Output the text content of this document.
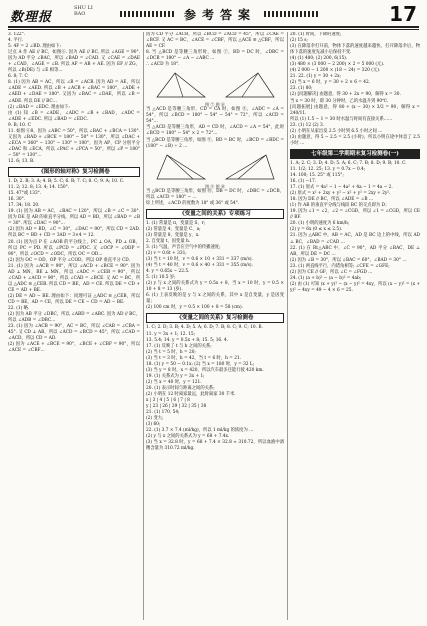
数理报
SHU LI BAO	参考答案	17

3. 122°.

4. 平行.

5. 4F = 2 ∠BD. 理由如下:

过点 A 作 AE // BC，如图⑥. 因为 AE // BC, 所以 ∠AGE = 90°. 因为 AD 平分 ∠BAC，所以 ∠BAD = ∠CAD. 又 ∠CAE = ∠DAE + ∠CAD，∠AGE = ∠B. 所以 AF = AB + AE. 因为 EF // ZG，所以 ∠B(DE) 与 ∠E 相等…

6. 8; 7. C

8. (1) 因为 AB = AC，所以 ∠B = ∠ACB. 因为 AD = AE，所以 ∠ADE = ∠AED. 所以 ∠B + ∠ACB + ∠BAC = 180°，∠ADE + ∠AED + ∠DAE = 180°. 又因为 ∠BAC = ∠DAE，所以 ∠B = ∠ADE. 所以 DE // BC…

(2) ∠BAD = ∠EDC. 理由如下:

由 (1) 知 ∠B = ∠ADE，∠ADC = ∠B + ∠BAD，∠ADC = ∠ADE + ∠EDC. 所以 ∠BAD = ∠EDC.

9. B; 10. C

11. 如图 ⑥8，因为 ∠ABC = 50°，所以 ∠BAC + ∠BCA = 130°. 又因为 ∠BAD + ∠BCE = 180° − 50° = 130°，所以 ∠DAC + ∠ECA = 360° − 130° − 130° = 100°，因为 AP、CP 分别平分 ∠DAC 和 ∠ECA，所以 ∠PAC + ∠PCA = 50°，所以 ∠P = 180° − 50° = 130°…

12. 6; 13. B.

《图形的轴对称》复习检测卷

1. D; 2. B; 3. A; 4. B; 5. C; 6. B; 7. C; 8. C; 9. A; 10. C.

11. 2; 12. 8; 13. 4; 14. 150°.

15. 47°或 133°.

16. 30°.

17. 34; 18. 20.

19. (1) 因为 AB = AC，∠BAC = 120°，所以 ∠B = ∠C = 30°. 因为 DE 是 AB 的垂直平分线，所以 AD = BD，所以 ∠BAD = ∠B = 30°. 所以 ∠DAC = 90°…

(2) 因为 AD = BD，∠C = 30°，∠DAC = 90°，所以 CD = 2AD. 所以 BC = BD + CD = 3AD = 3×4 = 12.

20. (1) 因为点 P 在 ∠AOB 的平分线上，PC ⊥ OA，PD ⊥ OB，所以 PC = PD. 所以 ∠PCD = ∠PDC. 又 ∠OCP = ∠ODP = 90°，所以 ∠OCD = ∠ODC，所以 OC = OD…

(2) 因为 OC = OD，OP 平分 ∠COD，所以 OP 垂直平分 CD.

21. (1) 因为 ∠ACB = 90°，所以 ∠ACD + ∠BCE = 90°. 因为 AD ⊥ MN，BE ⊥ MN，所以 ∠ADC = ∠CEB = 90°，所以 ∠CAD + ∠ACD = 90°，所以 ∠CAD = ∠BCE. 又 AC = BC，所以 △ADC ≌ △CEB. 所以 CD = BE，AD = CE. 所以 DE = CD + CE = AD + BE.

(2) DE = AD − BE. 理由如下：同理可证 △ADC ≌ △CEB，所以 CD = BE，AD = CE，所以 DE = CE − CD = AD − BE.

22. (1) 略.

(2) 因为 AB 平分 ∠DBC，所以 ∠ABD = ∠ABC. 因为 AD // BC，所以 ∠ADB = ∠DBC…

23. (1) 因为 ∠ACB = 90°，AC = BC，所以 ∠CAB = ∠CBA = 45°. 又 CD ⊥ AB，所以 ∠ACD = ∠BCD = 45°，所以 ∠CAD = ∠ACD，所以 CD = AD.

(2) 因为 ∠ACE + ∠BCE = 90°，∠BCE + ∠CBF = 90°，所以 ∠ACE = ∠CBF…

因为 CD 平分 ∠ACB，所以 ∠BCD = ∠ACD = 45°，所以 ∠CAE = ∠BCF. 又 AC = BC，∠ACE = ∠CBF，所以 △ACE ≌ △CBF，所以 AE = CF.

8. 当 △BCD 是等腰三角形时，如图 ⑦，BD = DC 时，∠DBC = ∠DCB = 180° − ∠A − ∠ABC …

∴ ∠ACD 为 18°.

图 ⑦ 图 ⑧

当 △ACD 是等腰三角形，CD = CA 时，如图 ⑧，∠ADC = ∠A = 54°，所以 ∠BCD = 180° − 54° − 54° = 72°，所以 ∠ACD = 54°…

当 △ACD 是等腰三角形，AD = CD 时，∠ACD = ∠A = 54°，此时 ∠BCD = 180° − 54° × 2 = 72°…

当 △BCD 是等腰三角形，如图 ⑨，BD = BC 时，∠BCD = ∠BDC = (180° − ∠B) ÷ 2 …

图 ⑨ 图 ⑩

当 △BCD 是等腰三角形，如图 ⑩，DB = DC 时，∠DBC = ∠DCB，所以 ∠ACD = 180° − …

综上所述，∠ACD 的度数为 18° 或 36° 或 54°.

《变量之间的关系》专项练习

1. (1) 常量是 π，变量是 S、r;

(2) 常量是 4，变量是 C、a;

(3) 常量是 8，变量是 y、x.

2. 自变量 t，因变量 h.

3. (1) 气温，声音在空气中的传播速度;

(2) v = 0.6t + 331;

(3) 当 t = 10 时，v = 0.6 × 10 + 331 = 337 (m/s).

(4) 当 t = 40 时，v = 0.6 × 40 + 331 = 355 (m/s).

4. y = 0.65x − 22.5.

5. (1) 10.5 岁;

(2) y 与 x 之间的关系式为 y = 0.5x + 8，当 x = 10 时，y = 0.5 × 10 + 8 = 13 (岁).

6. (1) 上表反映的是 y 与 x 之间的关系，其中 x 是自变量，y 是因变量；

(2) 100 cm 时，y = 0.5 × 100 + 8 = 58 (cm).

《变量之间的关系》复习检测卷

1. C; 2. D; 3. B; 4. D; 5. A; 6. D; 7. B; 8. C; 9. C; 10. B.

11. y = 3x + 1; 12. 15;

13. 5.4; 14. y = 0.5x + 8; 15. 5; 16. 4.

17. (1) 反映了 t 与 h 之间的关系;

(2) 当 t = 5 时，h = 20;

(3) 当 t = 3 时，h = 42，当 t = 6 时，h = 21.

18. (1) y = 50 − 0.1x; (2) 当 x = 180 时，y = 32 L;

(3) 当 y = 8 时，x = 420，所以汽车最多还能行驶 420 km.

19. (1) 关系式为 y = 3x + 1;

(2) 当 x = 40 时，y = 121.

20. (1) 表示时间与距离之间的关系;

(2) 小明在 12 时离家最远，此时离家 30 千米.

x | 3 | 4 | 5 | 6 | 7 | 8

y | 23 | 26 | 29 | 32 | 35 | 38

21. (1) 170, 54;

(2) 变大;

(3) 60;

22. (1) 3.7 × 7.4 (ml/kg)，所以 1 ml/kg 的浓度为 …

(2) y 与 x 之间的关系式为 y = 68 + 7.4x.

(3) 当 x = 32.8 时，y = 68 + 7.4 × 32.8 ≈ 310.72，所以血液中酒精含量为 310.72 ml/kg.

20. (1) 时间，下降的速度;

(2) 15 s;

(3) 在降落伞打开前，物体下落的速度越来越快，打开降落伞后，物体下落的速度先减小后保持不变.

(4) (1) 480; (2) 200, 6(15).

(3) 480 × (3 000 − 2 200) × 2 = 5 000 (元).

(4) 2 000 − 1 200 × (18 − 24) = 320 (元).

21. 22. (1) y = 30 + 2x;

(2) 当 x = 6 时，y = 30 + 2 × 6 = 42.

23. (1) 80;

(2) [问题解决] 由题意，得 30 + 2x = 90，解得 x = 30.

当 x = 30 时，即 30 分钟时，乙的水温升到 90℃.

[问题拓展] 由题意，得 80 + (x − 30) × 3/2 = 90，解得 x = 240/11.

所以 (1) 1.5 − 1 = 30 时水温与时间有直接关系……

23. (1) 12 (2) 3.

(2) 小明在从家出发 2.5 小时到 6.5 小时之间 …

(3) 由题意，得 5 − 2.5 = 2.5 (小时)，所以小明在途中休息了 2.5 小时 …

七年级第二学期期末复习检测卷(一)

1. A; 2. C; 3. D; 4. D; 5. A; 6. C; 7. B; 8. D; 9. B; 10. C.

11. 1/2; 12. 25; 13. y = 0.7x − 0.4;

14. 100; 15. 25° 或 115°;

16. (1) −17.

17. (1) 原式 = 4a² − 1 − 4a² + 4a − 1 = 4a − 2.

(2) 原式 = x² + 2xy + y² − x² + y² = 2xy + 2y².

18. 因为 DE // BC，所以 ∠ADE = ∠B …

(1) 作 AB 的垂直平分线与线段 BC 的交点即为 D；

19. 因为 ∠1 = ∠2，∠2 = ∠CGD，所以 ∠1 = ∠CGD，所以 CE // BF.

20. (1) 小明的速度为 6 km/h;

(2) y = 6x (0 ≤ x ≤ 2.5).

21. 因为 △ABC 中，AB = AC，AD 是 BC 边上的中线，所以 AD ⊥ BC，∠BAD = ∠CAD …

22. (1) 在 Rt△ABC 中，∠C = 90°，AD 平分 ∠BAC，DE ⊥ AB，所以 DE = DC …

(2) 因为 ∠B = 30°，所以 ∠BAC = 60°，∠BAD = 30° …

23. (1) 两直线平行，内错角相等; ∠CFE = ∠GFE;

(2) 因为 CE // GF，所以 ∠C = ∠FGD …

24. (1) (a + b)² − (a − b)² = 4ab;

(2) 由 (1) 可知 (x + y)² − (x − y)² = 4xy，所以 (x − y)² = (x + y)² − 4xy = 49 − 4 × 6 = 25.
